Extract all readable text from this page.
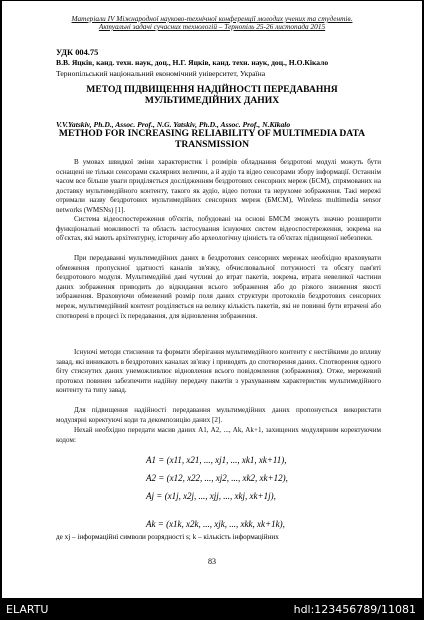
Матеріали IV Міжнародної науково-технічної конференції молодих учених та студентів.
Актуальні задачі сучасних технологій – Тернопіль 25-26 листопада 2015
УДК 004.75
В.В. Яцків, канд. техн. наук, доц., Н.Г. Яцків, канд. техн. наук, доц., Н.О.Кікало
Тернопільський національний економічний університет, Україна
МЕТОД ПІДВИЩЕННЯ НАДІЙНОСТІ ПЕРЕДАВАННЯ МУЛЬТИМЕДІЙНИХ ДАНИХ
V.V.Yatskiv, Ph.D., Assoc. Prof., N.G. Yatskiv, Ph.D., Assoc. Prof., N.Kikalo
METHOD FOR INCREASING RELIABILITY OF MULTIMEDIA DATA TRANSMISSION

В умовах швидкої зміни характеристик і розмірів обладнання бездротові модулі можуть бути оснащені не тільки сенсорами скалярних величин, а й аудіо та відео сенсорами збору інформації. Останнім часом все більше уваги приділяється дослідженням бездротових сенсорних мереж (БСМ), спрямованих на доставку мультимедійного контенту, такого як аудіо, відео потоки та нерухоме зображення. Такі мережі отримали назву бездротових мультимедійних сенсорних мереж (БМСМ), Wireless multimedia sensor networks (WMSNs) [1].

Система відеоспостереження об'єктів, побудовані на основі БМСМ зможуть значно розширити функціональні можливості та область застосування існуючих систем відеоспостереження, зокрема на об'єктах, які мають архітектурну, історичну або археологічну цінність та об'єктах підвищеної небезпеки.

При передаванні мультимедійних даних в бездротових сенсорних мережах необхідно враховувати обмеження пропускної здатності каналів зв'язку, обчислювальної потужності та обсягу пам'яті бездротового модуля. Мультимедійні дані чутливі до втрат пакетів, зокрема, втрата невеликої частини даних зображення приводить до відкидання всього зображення або до різкого зниження якості зображення. Враховуючи обмежений розмір поля даних структури протоколів бездротових сенсорних мереж, мультимедійний контент розділяється на велику кількість пакетів, які не повинні бути втрачені або спотворені в процесі їх передавання, для відновлення зображення.

Існуючі методи стиснення та формати зберігання мультимедійного контенту є нестійкими до впливу завад, які виникають в бездротових каналах зв'язку і приводять до спотворення даних. Спотворення одного біту стиснутих даних унеможливлює відновлення всього повідомлення (зображення). Отже, мережевий протокол повинен забезпечити надійну передачу пакетів з урахуванням характеристик мультимедійного контенту та типу завад.

Для підвищення надійності передавання мультимедійних даних пропонується використати модулярні коректуючі коди та декомпозицію даних [2].

Нехай необхідно передати масив даних A1, A2, ..., Ak, Ak+1, захищених модулярним коректуючим кодом:

A1 = (x11, x21, ..., xj1, ..., xk1, xk+11),
A2 = (x12, x22, ..., xj2, ..., xk2, xk+12),
Aj = (x1j, x2j, ..., xjj, ..., xkj, xk+1j),
Ak = (x1k, x2k, ..., xjk, ..., xkk, xk+1k),
де xj – інформаційні символи розрядності s; k – кількість інформаційних
83
ELARTU	hdl:123456789/11081
